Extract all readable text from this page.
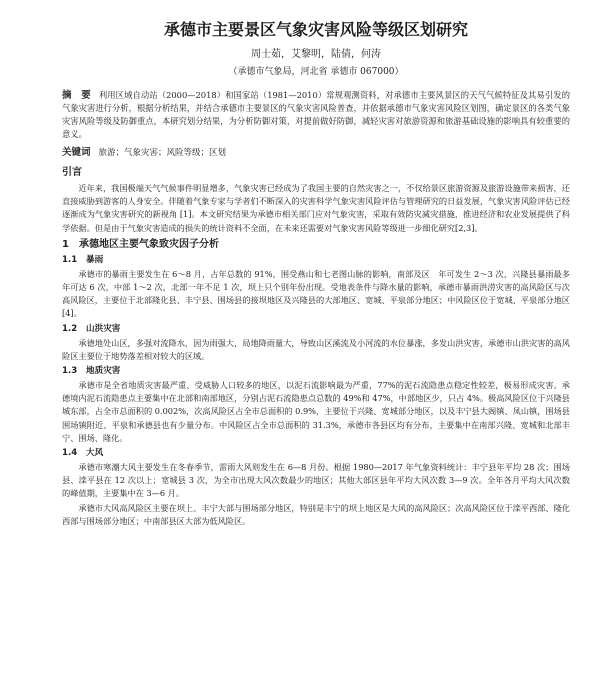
承德市主要景区气象灾害风险等级区划研究
周士茹，艾黎明，陆倩，何涛
（承德市气象局，河北省 承德市 067000）
摘　要 利用区域自动站（2000—2018）和国家站（1981—2010）常规观测资料，对承德市主要风景区的天气气候特征及其易引发的气象灾害进行分析，根据分析结果，并结合承德市主要景区的气象灾害风险普查，并依据承德市气象灾害风险区划图，确定景区的各类气象灾害风险等级及防御重点，本研究划分结果，为分析防御对策，对提前做好防御，减轻灾害对旅游资源和旅游基础设施的影响具有较重要的意义。
关键词 旅游；气象灾害；风险等级；区划
引言

近年来，我国极端天气气候事件明显增多，气象灾害已经成为了我国主要的自然灾害之一，不仅给景区旅游资源及旅游设施带来损害，还直接威胁到游客的人身安全。伴随着气象专家与学者们不断深入的灾害科学气象灾害风险评估与管理研究的日益发展，气象灾害风险评估已经逐渐成为气象灾害研究的新视角 [1]。本文研究结果为承德市相关部门应对气象灾害，采取有效防灾减灾措施，推进经济和农业发展提供了科学依据。但是由于气象灾害造成的损失的统计资料不全面，在未来还需要对气象灾害风险等级进一步细化研究[2,3]。

1　承德地区主要气象致灾因子分析
1.1 暴雨

承德市的暴雨主要发生在 6～8 月，占年总数的 91%，围受燕山和七老图山脉的影响，南部及区　年可发生 2～3 次，兴隆县暴雨最多年可达 6 次，中部 1～2 次，北部一年不足 1 次，坝上只个别年份出现。受地表条件与降水量的影响，承德市暴雨洪涝灾害的高风险区与次高风险区，主要位于北部隆化县、丰宁县、围场县的接坝地区及兴隆县的大部地区、宽城、平泉部分地区；中风险区位于宽城、平泉部分地区[4]。

1.2 山洪灾害

承德地处山区，多强对流降水，因为雨强大，局地降雨量大，导致山区溪流及小河流的水位暴涨，多发山洪灾害，承德市山洪灾害的高风险区主要位于地势落差相对较大的区域。

1.3 地质灾害

承德市是全省地质灾害最严重、受威胁人口较多的地区，以泥石流影响最为严重，77%的泥石流隐患点稳定性较差，极易形成灾害。承德境内泥石流隐患点主要集中在北部和南部地区，分别占泥石流隐患点总数的 49%和 47%，中部地区少，只占 4%。极高风险区位于兴隆县城东部，占全市总面积的 0.002%，次高风险区占全市总面积的 0.9%，主要位于兴隆、宽城部分地区，以及丰宁县大阁镇、凤山镇，围场县围场镇附近、平泉和承德县也有少量分布。中风险区占全市总面积的 31.3%，承德市各县区均有分布，主要集中在南部兴隆、宽城和北部丰宁、围场、隆化。

1.4 大风

承德市寒潮大风主要发生在冬春季节，雷雨大风则发生在 6—8 月份。根据 1980—2017 年气象资料统计：丰宁县年平均 28 次；围场县、滦平县在 12 次以上；宽城县 3 次，为全市出现大风次数最少的地区；其他大部区县年平均大风次数 3—9 次。全年各月平均大风次数的峰值期，主要集中在 3—6 月。

承德市大风高风险区主要在坝上、丰宁大部与围场部分地区，特别是丰宁的坝上地区是大风的高风险区；次高风险区位于滦平西部、隆化西部与围场部分地区；中南部县区大部为低风险区。
